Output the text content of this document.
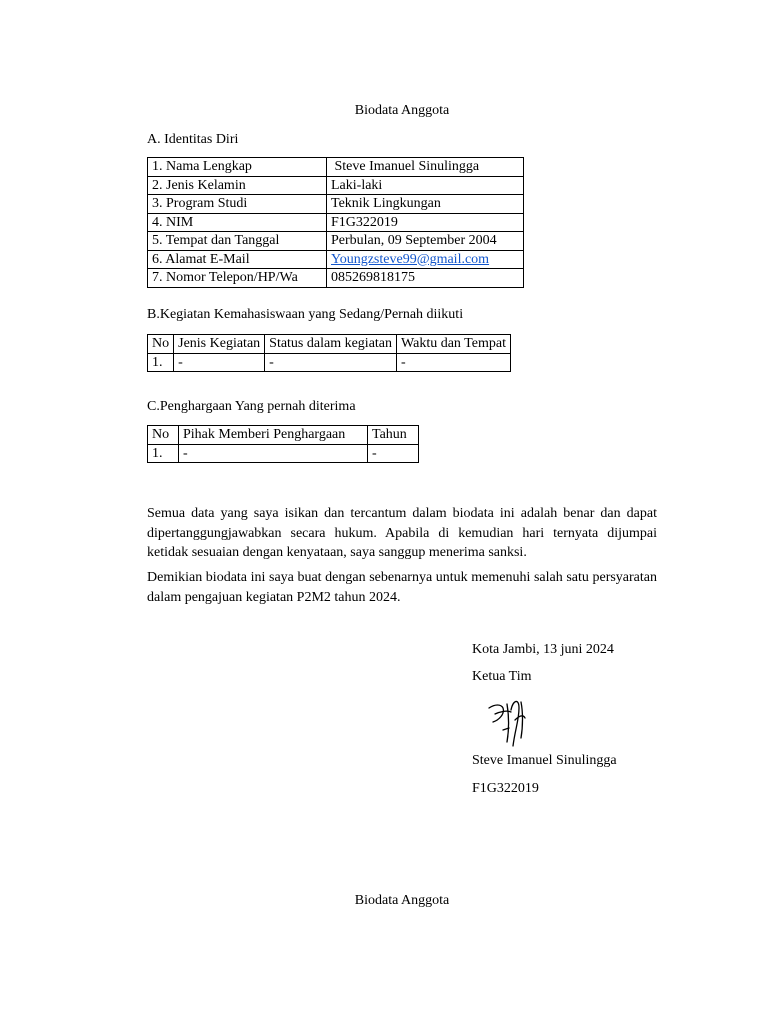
Biodata Anggota
A. Identitas Diri
1. Nama Lengkap	Steve Imanuel Sinulingga
2. Jenis Kelamin	Laki-laki
3. Program Studi	Teknik Lingkungan
4. NIM	F1G322019
5. Tempat dan Tanggal	Perbulan, 09 September 2004
6. Alamat E-Mail	Youngzsteve99@gmail.com
7. Nomor Telepon/HP/Wa	085269818175
B.Kegiatan Kemahasiswaan yang Sedang/Pernah diikuti
No	Jenis Kegiatan	Status dalam kegiatan	Waktu dan Tempat
1.	-	-	-
C.Penghargaan Yang pernah diterima
No	Pihak Memberi Penghargaan	Tahun
1.	-	-
Semua data yang saya isikan dan tercantum dalam biodata ini adalah benar dan dapat dipertanggungjawabkan secara hukum. Apabila di kemudian hari ternyata dijumpai ketidak sesuaian dengan kenyataan, saya sanggup menerima sanksi.
Demikian biodata ini saya buat dengan sebenarnya untuk memenuhi salah satu persyaratan dalam pengajuan kegiatan P2M2 tahun 2024.
Kota Jambi, 13 juni 2024
Ketua Tim
Steve Imanuel Sinulingga
F1G322019
Biodata Anggota
